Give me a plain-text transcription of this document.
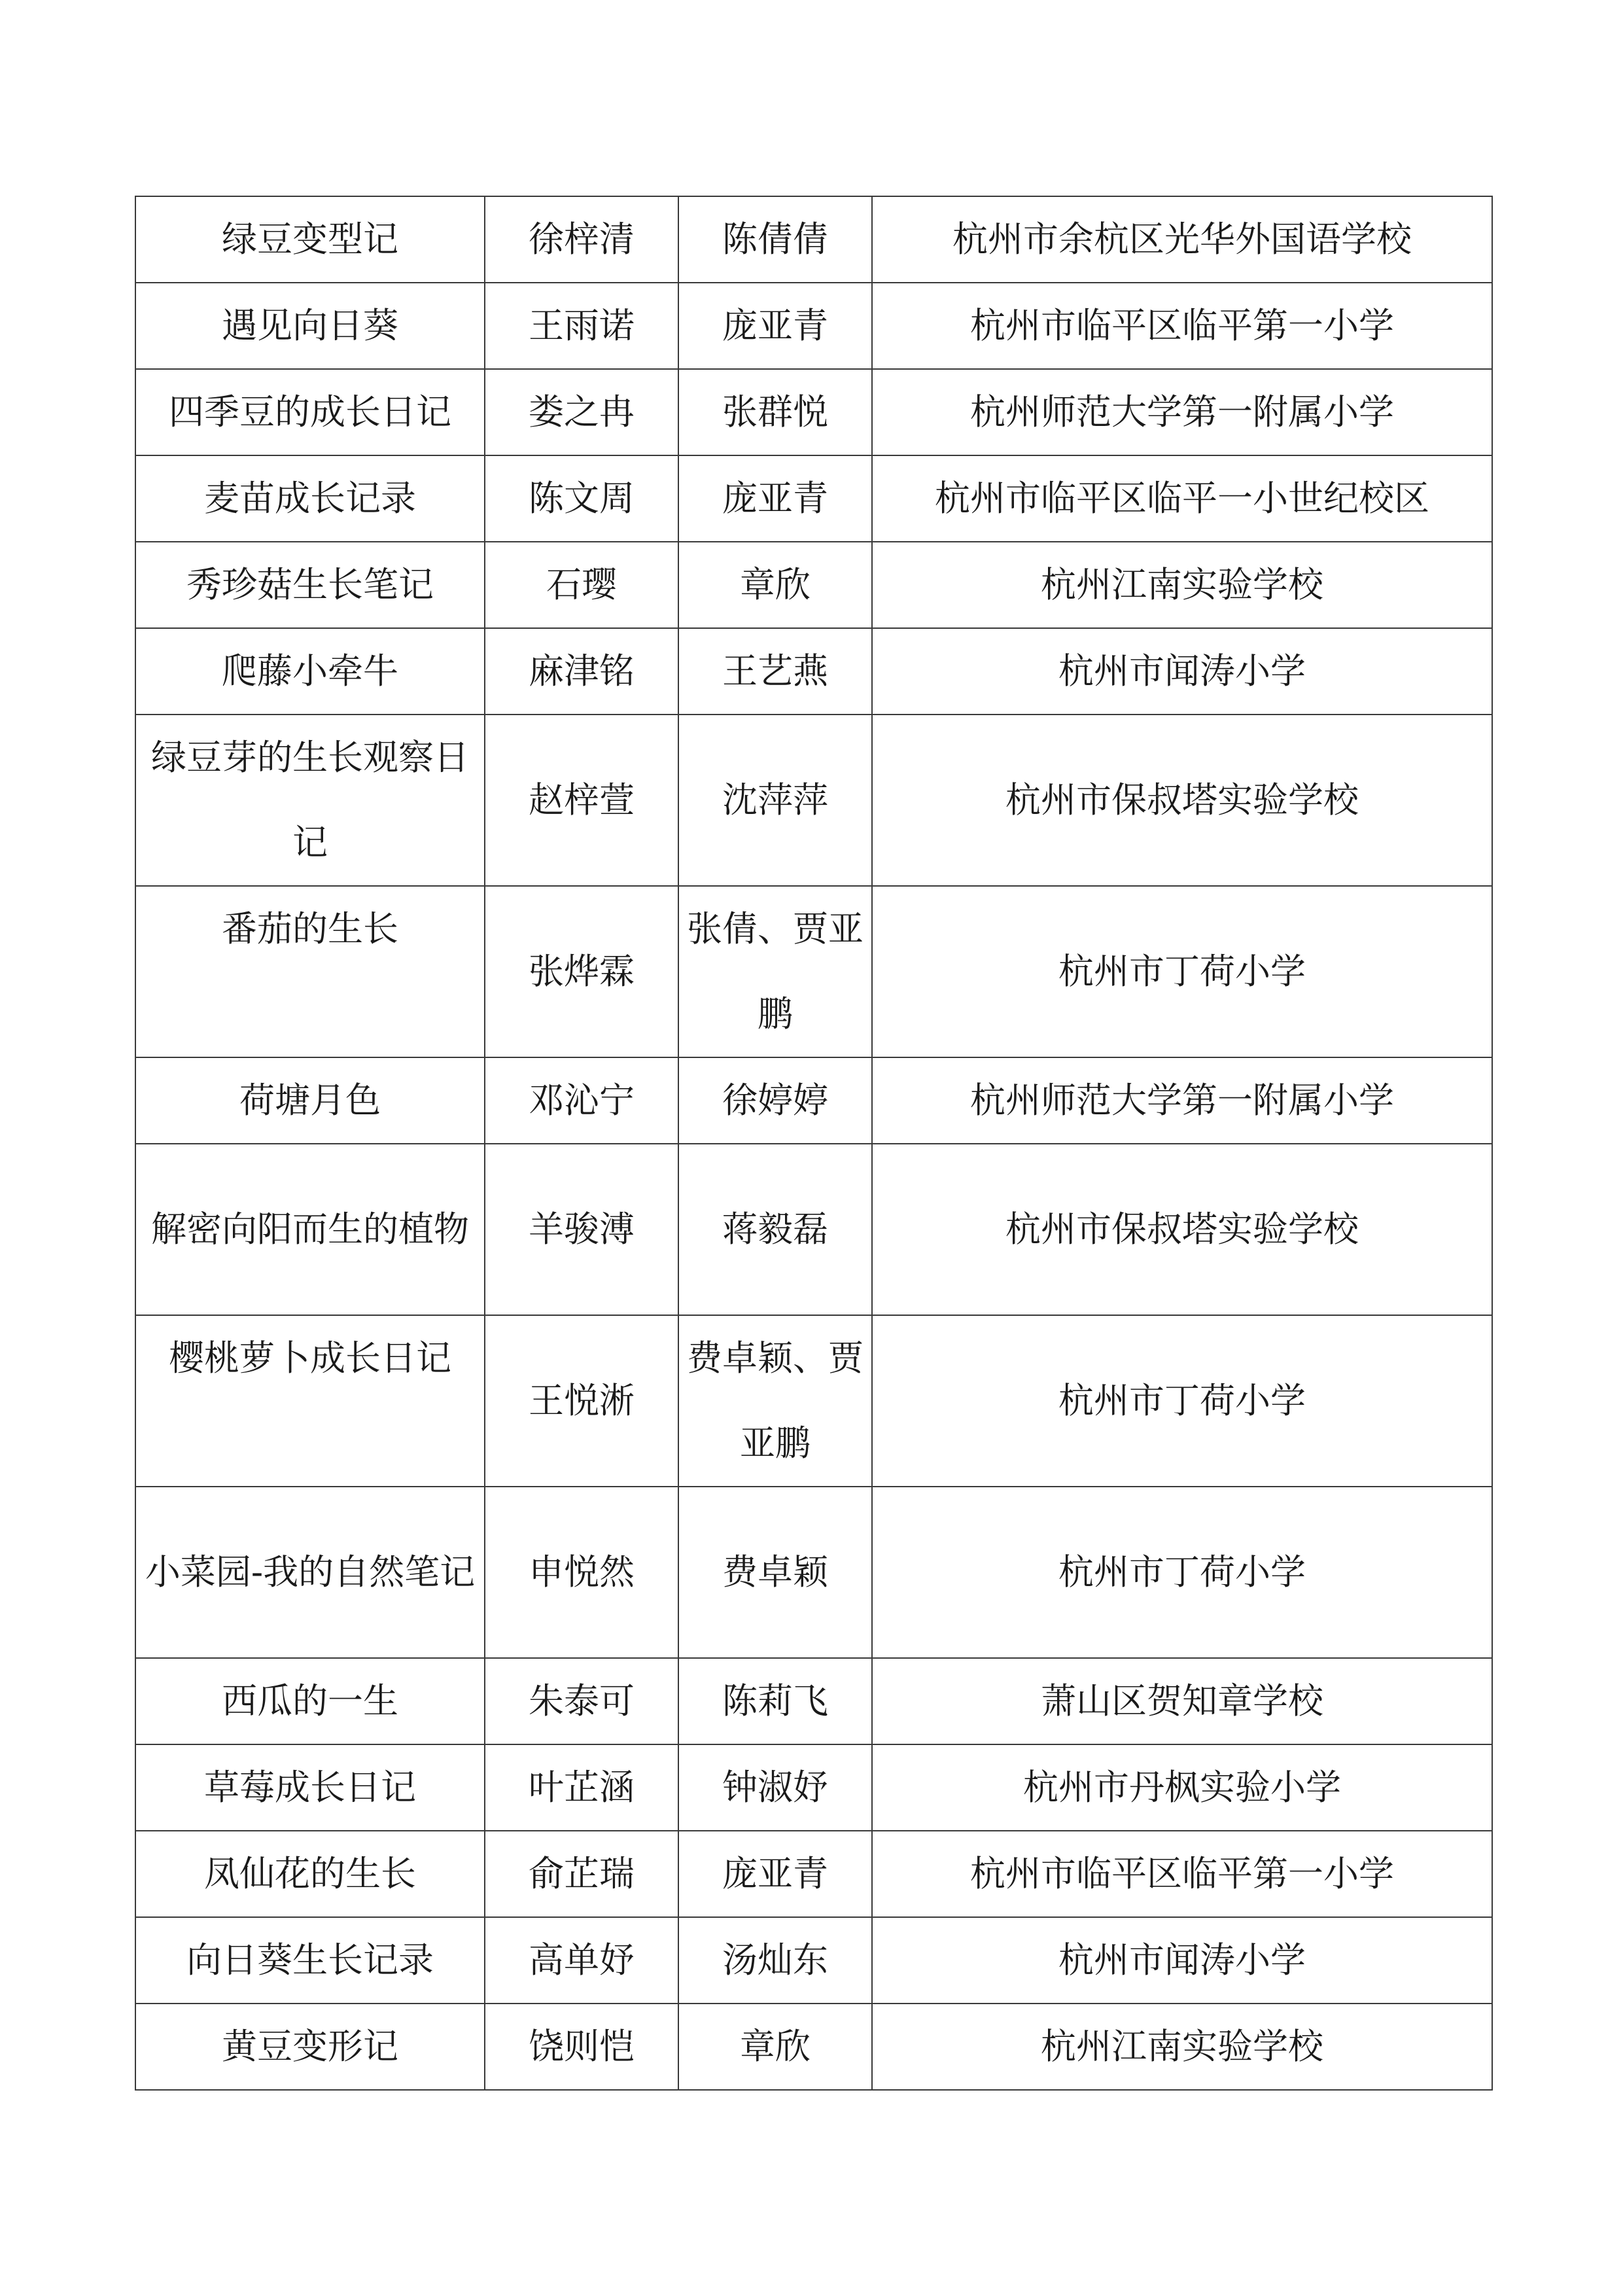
绿豆变型记	徐梓清	陈倩倩	杭州市余杭区光华外国语学校
遇见向日葵	王雨诺	庞亚青	杭州市临平区临平第一小学
四季豆的成长日记	娄之冉	张群悦	杭州师范大学第一附属小学
麦苗成长记录	陈文周	庞亚青	杭州市临平区临平一小世纪校区
秀珍菇生长笔记	石璎	章欣	杭州江南实验学校
爬藤小牵牛	麻津铭	王艺燕	杭州市闻涛小学
绿豆芽的生长观察日记	赵梓萱	沈萍萍	杭州市保叔塔实验学校
番茄的生长	张烨霖	张倩、贾亚鹏	杭州市丁荷小学
荷塘月色	邓沁宁	徐婷婷	杭州师范大学第一附属小学
解密向阳而生的植物	羊骏溥	蒋毅磊	杭州市保叔塔实验学校
樱桃萝卜成长日记	王悦淅	费卓颖、贾亚鹏	杭州市丁荷小学
小菜园-我的自然笔记	申悦然	费卓颖	杭州市丁荷小学
西瓜的一生	朱泰可	陈莉飞	萧山区贺知章学校
草莓成长日记	叶芷涵	钟淑妤	杭州市丹枫实验小学
凤仙花的生长	俞芷瑞	庞亚青	杭州市临平区临平第一小学
向日葵生长记录	高单妤	汤灿东	杭州市闻涛小学
黄豆变形记	饶则恺	章欣	杭州江南实验学校
